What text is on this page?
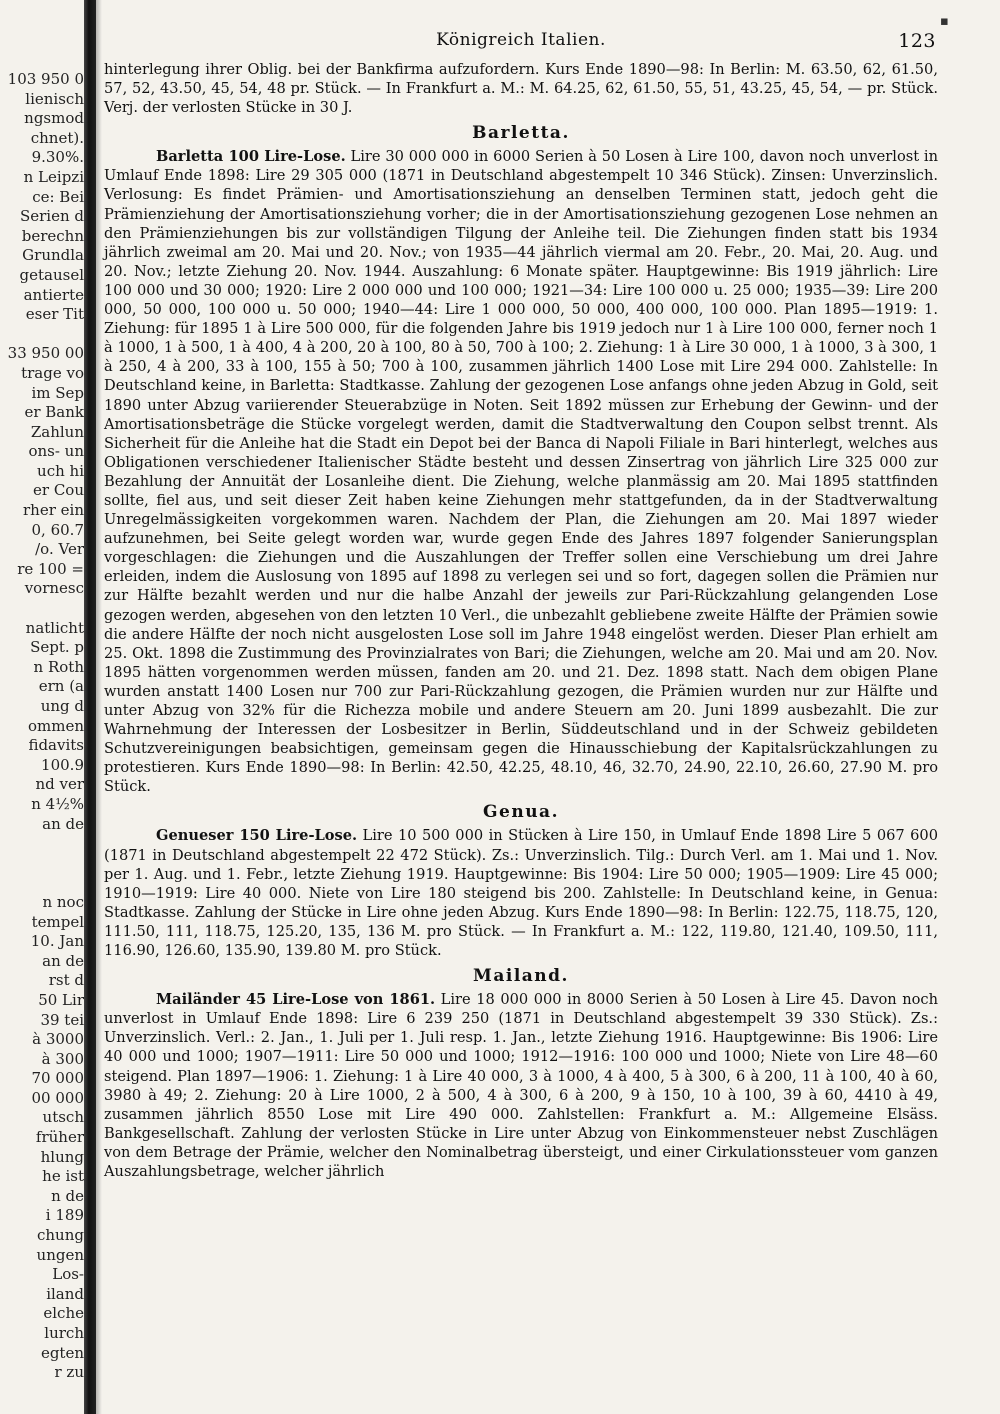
103 950 0
lienisch
ngsmod
chnet).
9.30%.
n Leipzi
ce: Bei
Serien d
berechn
Grundla
getausel
antierte
eser Tit

33 950 00
trage vo
im Sep
er Bank
Zahlun
ons- un
uch hi
er Cou
rher ein
0, 60.7
/o. Ver
re 100 =
vornesc

natlicht
Sept. p
n Roth
ern (a
ung d
ommen
fidavits
100.9
nd ver
n 4½%
an de

n noc
tempel
10. Jan
an de
rst d
50 Lir
39 tei
à 3000
à 300
70 000
00 000
utsch
früher
hlung
he ist
n de
i 189
chung
ungen
Los-
iland
elche
lurch
egten
r zu
▪
Königreich Italien.	123

hinterlegung ihrer Oblig. bei der Bankfirma aufzufordern. Kurs Ende 1890—98: In Berlin: M. 63.50, 62, 61.50, 57, 52, 43.50, 45, 54, 48 pr. Stück. — In Frankfurt a. M.: M. 64.25, 62, 61.50, 55, 51, 43.25, 45, 54, — pr. Stück. Verj. der verlosten Stücke in 30 J.

Barletta.

Barletta 100 Lire-Lose. Lire 30 000 000 in 6000 Serien à 50 Losen à Lire 100, davon noch unverlost in Umlauf Ende 1898: Lire 29 305 000 (1871 in Deutschland abgestempelt 10 346 Stück). Zinsen: Unverzinslich. Verlosung: Es findet Prämien- und Amortisationsziehung an denselben Terminen statt, jedoch geht die Prämienziehung der Amortisationsziehung vorher; die in der Amortisationsziehung gezogenen Lose nehmen an den Prämienziehungen bis zur vollständigen Tilgung der Anleihe teil. Die Ziehungen finden statt bis 1934 jährlich zweimal am 20. Mai und 20. Nov.; von 1935—44 jährlich viermal am 20. Febr., 20. Mai, 20. Aug. und 20. Nov.; letzte Ziehung 20. Nov. 1944. Auszahlung: 6 Monate später. Hauptgewinne: Bis 1919 jährlich: Lire 100 000 und 30 000; 1920: Lire 2 000 000 und 100 000; 1921—34: Lire 100 000 u. 25 000; 1935—39: Lire 200 000, 50 000, 100 000 u. 50 000; 1940—44: Lire 1 000 000, 50 000, 400 000, 100 000. Plan 1895—1919: 1. Ziehung: für 1895 1 à Lire 500 000, für die folgenden Jahre bis 1919 jedoch nur 1 à Lire 100 000, ferner noch 1 à 1000, 1 à 500, 1 à 400, 4 à 200, 20 à 100, 80 à 50, 700 à 100; 2. Ziehung: 1 à Lire 30 000, 1 à 1000, 3 à 300, 1 à 250, 4 à 200, 33 à 100, 155 à 50; 700 à 100, zusammen jährlich 1400 Lose mit Lire 294 000. Zahlstelle: In Deutschland keine, in Barletta: Stadtkasse. Zahlung der gezogenen Lose anfangs ohne jeden Abzug in Gold, seit 1890 unter Abzug variierender Steuerabzüge in Noten. Seit 1892 müssen zur Erhebung der Gewinn- und der Amortisationsbeträge die Stücke vorgelegt werden, damit die Stadtverwaltung den Coupon selbst trennt. Als Sicherheit für die Anleihe hat die Stadt ein Depot bei der Banca di Napoli Filiale in Bari hinterlegt, welches aus Obligationen verschiedener Italienischer Städte besteht und dessen Zinsertrag von jährlich Lire 325 000 zur Bezahlung der Annuität der Losanleihe dient. Die Ziehung, welche planmässig am 20. Mai 1895 stattfinden sollte, fiel aus, und seit dieser Zeit haben keine Ziehungen mehr stattgefunden, da in der Stadtverwaltung Unregelmässigkeiten vorgekommen waren. Nachdem der Plan, die Ziehungen am 20. Mai 1897 wieder aufzunehmen, bei Seite gelegt worden war, wurde gegen Ende des Jahres 1897 folgender Sanierungsplan vorgeschlagen: die Ziehungen und die Auszahlungen der Treffer sollen eine Verschiebung um drei Jahre erleiden, indem die Auslosung von 1895 auf 1898 zu verlegen sei und so fort, dagegen sollen die Prämien nur zur Hälfte bezahlt werden und nur die halbe Anzahl der jeweils zur Pari-Rückzahlung gelangenden Lose gezogen werden, abgesehen von den letzten 10 Verl., die unbezahlt gebliebene zweite Hälfte der Prämien sowie die andere Hälfte der noch nicht ausgelosten Lose soll im Jahre 1948 eingelöst werden. Dieser Plan erhielt am 25. Okt. 1898 die Zustimmung des Provinzialrates von Bari; die Ziehungen, welche am 20. Mai und am 20. Nov. 1895 hätten vorgenommen werden müssen, fanden am 20. und 21. Dez. 1898 statt. Nach dem obigen Plane wurden anstatt 1400 Losen nur 700 zur Pari-Rückzahlung gezogen, die Prämien wurden nur zur Hälfte und unter Abzug von 32% für die Richezza mobile und andere Steuern am 20. Juni 1899 ausbezahlt. Die zur Wahrnehmung der Interessen der Losbesitzer in Berlin, Süddeutschland und in der Schweiz gebildeten Schutzvereinigungen beabsichtigen, gemeinsam gegen die Hinausschiebung der Kapitalsrückzahlungen zu protestieren. Kurs Ende 1890—98: In Berlin: 42.50, 42.25, 48.10, 46, 32.70, 24.90, 22.10, 26.60, 27.90 M. pro Stück.

Genua.

Genueser 150 Lire-Lose. Lire 10 500 000 in Stücken à Lire 150, in Umlauf Ende 1898 Lire 5 067 600 (1871 in Deutschland abgestempelt 22 472 Stück). Zs.: Unverzinslich. Tilg.: Durch Verl. am 1. Mai und 1. Nov. per 1. Aug. und 1. Febr., letzte Ziehung 1919. Hauptgewinne: Bis 1904: Lire 50 000; 1905—1909: Lire 45 000; 1910—1919: Lire 40 000. Niete von Lire 180 steigend bis 200. Zahlstelle: In Deutschland keine, in Genua: Stadtkasse. Zahlung der Stücke in Lire ohne jeden Abzug. Kurs Ende 1890—98: In Berlin: 122.75, 118.75, 120, 111.50, 111, 118.75, 125.20, 135, 136 M. pro Stück. — In Frankfurt a. M.: 122, 119.80, 121.40, 109.50, 111, 116.90, 126.60, 135.90, 139.80 M. pro Stück.

Mailand.

Mailänder 45 Lire-Lose von 1861. Lire 18 000 000 in 8000 Serien à 50 Losen à Lire 45. Davon noch unverlost in Umlauf Ende 1898: Lire 6 239 250 (1871 in Deutschland abgestempelt 39 330 Stück). Zs.: Unverzinslich. Verl.: 2. Jan., 1. Juli per 1. Juli resp. 1. Jan., letzte Ziehung 1916. Hauptgewinne: Bis 1906: Lire 40 000 und 1000; 1907—1911: Lire 50 000 und 1000; 1912—1916: 100 000 und 1000; Niete von Lire 48—60 steigend. Plan 1897—1906: 1. Ziehung: 1 à Lire 40 000, 3 à 1000, 4 à 400, 5 à 300, 6 à 200, 11 à 100, 40 à 60, 3980 à 49; 2. Ziehung: 20 à Lire 1000, 2 à 500, 4 à 300, 6 à 200, 9 à 150, 10 à 100, 39 à 60, 4410 à 49, zusammen jährlich 8550 Lose mit Lire 490 000. Zahlstellen: Frankfurt a. M.: Allgemeine Elsäss. Bankgesellschaft. Zahlung der verlosten Stücke in Lire unter Abzug von Einkommensteuer nebst Zuschlägen von dem Betrage der Prämie, welcher den Nominalbetrag übersteigt, und einer Cirkulationssteuer vom ganzen Auszahlungsbetrage, welcher jährlich
